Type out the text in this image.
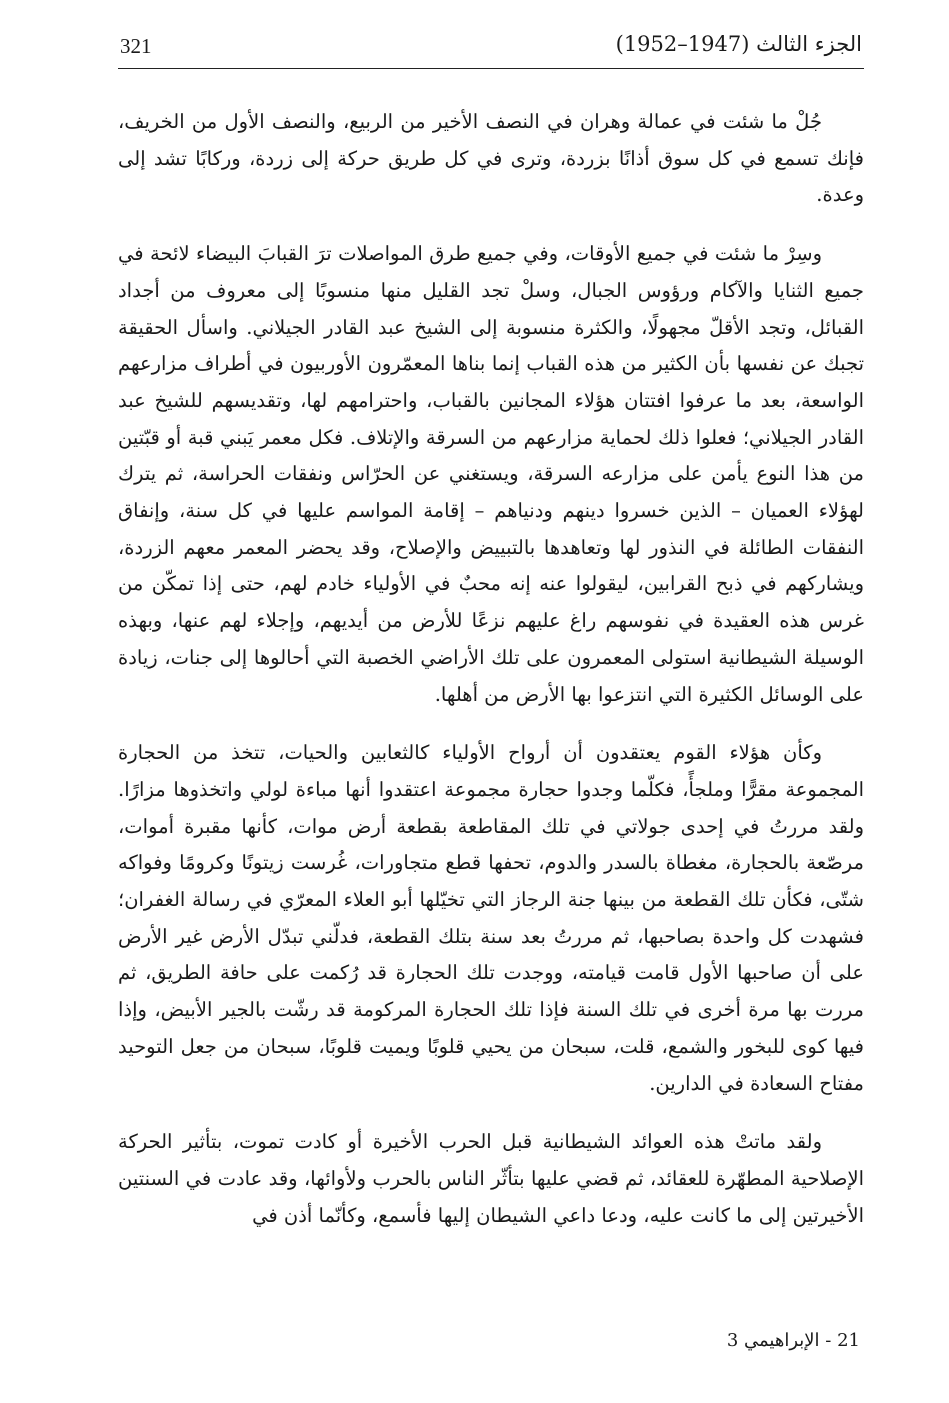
321	الجزء الثالث (1947–1952)

جُلْ ما شئت في عمالة وهران في النصف الأخير من الربيع، والنصف الأول من الخريف، فإنك تسمع في كل سوق أذانًا بزردة، وترى في كل طريق حركة إلى زردة، وركابًا تشد إلى وعدة.

وسِرْ ما شئت في جميع الأوقات، وفي جميع طرق المواصلات ترَ القبابَ البيضاء لائحة في جميع الثنايا والآكام ورؤوس الجبال، وسلْ تجد القليل منها منسوبًا إلى معروف من أجداد القبائل، وتجد الأقلّ مجهولًا، والكثرة منسوبة إلى الشيخ عبد القادر الجيلاني. واسأل الحقيقة تجبك عن نفسها بأن الكثير من هذه القباب إنما بناها المعمّرون الأوربيون في أطراف مزارعهم الواسعة، بعد ما عرفوا افتتان هؤلاء المجانين بالقباب، واحترامهم لها، وتقديسهم للشيخ عبد القادر الجيلاني؛ فعلوا ذلك لحماية مزارعهم من السرقة والإتلاف. فكل معمر يَبني قبة أو قبّتين من هذا النوع يأمن على مزارعه السرقة، ويستغني عن الحرّاس ونفقات الحراسة، ثم يترك لهؤلاء العميان – الذين خسروا دينهم ودنياهم – إقامة المواسم عليها في كل سنة، وإنفاق النفقات الطائلة في النذور لها وتعاهدها بالتبييض والإصلاح، وقد يحضر المعمر معهم الزردة، ويشاركهم في ذبح القرابين، ليقولوا عنه إنه محبٌ في الأولياء خادم لهم، حتى إذا تمكّن من غرس هذه العقيدة في نفوسهم راغ عليهم نزعًا للأرض من أيديهم، وإجلاء لهم عنها، وبهذه الوسيلة الشيطانية استولى المعمرون على تلك الأراضي الخصبة التي أحالوها إلى جنات، زيادة على الوسائل الكثيرة التي انتزعوا بها الأرض من أهلها.

وكأن هؤلاء القوم يعتقدون أن أرواح الأولياء كالثعابين والحيات، تتخذ من الحجارة المجموعة مقرًّا وملجأً، فكلّما وجدوا حجارة مجموعة اعتقدوا أنها مباءة لولي واتخذوها مزارًا. ولقد مررتُ في إحدى جولاتي في تلك المقاطعة بقطعة أرض موات، كأنها مقبرة أموات، مرصّعة بالحجارة، مغطاة بالسدر والدوم، تحفها قطع متجاورات، غُرست زيتونًا وكرومًا وفواكه شتّى، فكأن تلك القطعة من بينها جنة الرجاز التي تخيّلها أبو العلاء المعرّي في رسالة الغفران؛ فشهدت كل واحدة بصاحبها، ثم مررتُ بعد سنة بتلك القطعة، فدلّني تبدّل الأرض غير الأرض على أن صاحبها الأول قامت قيامته، ووجدت تلك الحجارة قد رُكمت على حافة الطريق، ثم مررت بها مرة أخرى في تلك السنة فإذا تلك الحجارة المركومة قد رشّت بالجير الأبيض، وإذا فيها كوى للبخور والشمع، قلت، سبحان من يحيي قلوبًا ويميت قلوبًا، سبحان من جعل التوحيد مفتاح السعادة في الدارين.

ولقد ماتتْ هذه العوائد الشيطانية قبل الحرب الأخيرة أو كادت تموت، بتأثير الحركة الإصلاحية المطهّرة للعقائد، ثم قضي عليها بتأثّر الناس بالحرب ولأوائها، وقد عادت في السنتين الأخيرتين إلى ما كانت عليه، ودعا داعي الشيطان إليها فأسمع، وكأنّما أذن في

21 - الإبراهيمي 3
